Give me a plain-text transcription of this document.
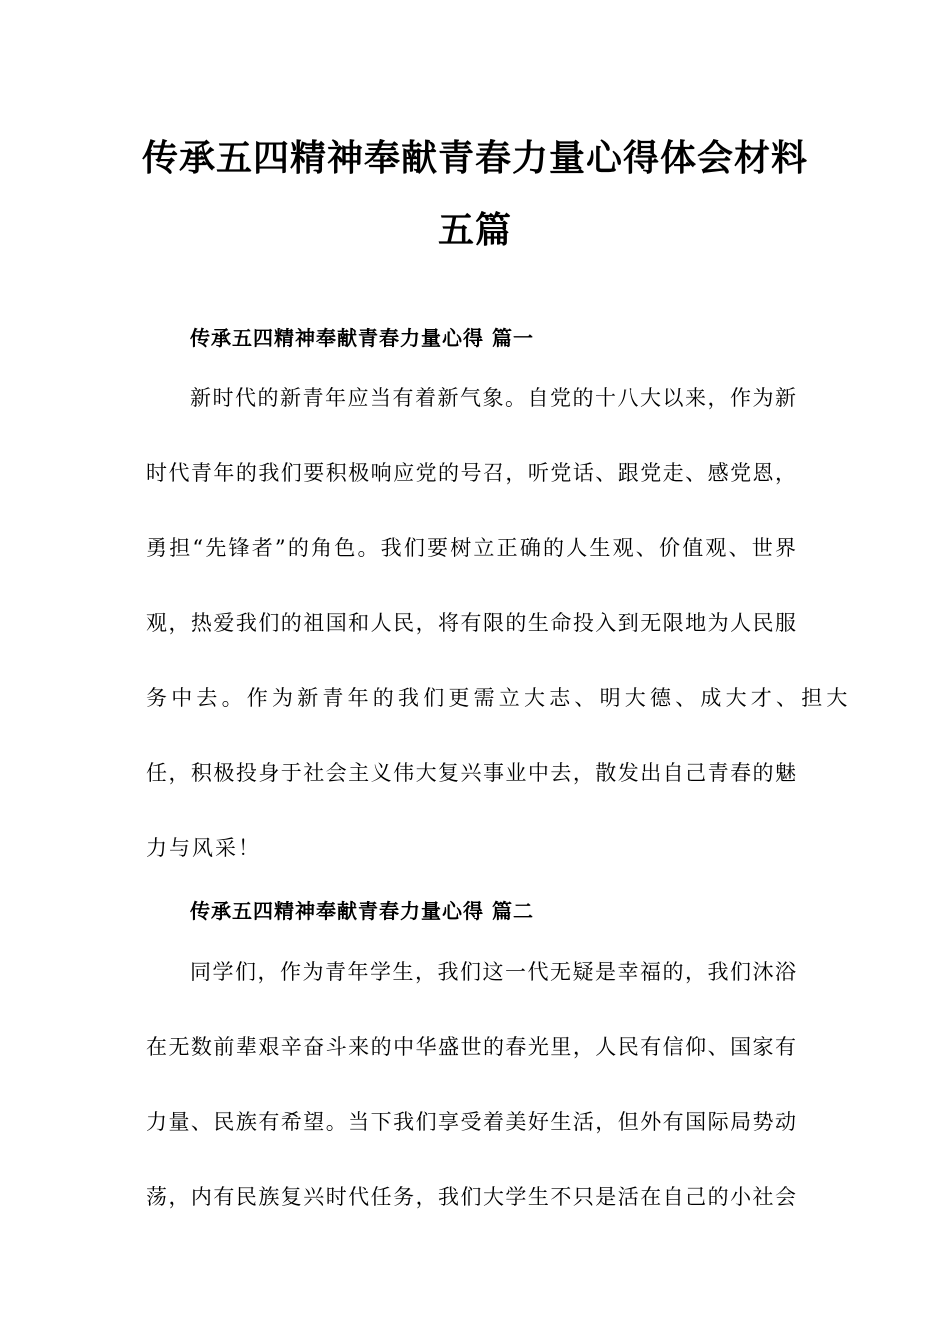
传承五四精神奉献青春力量心得体会材料
五篇
传承五四精神奉献青春力量心得 篇一
新时代的新青年应当有着新气象。自党的十八大以来，作为新
时代青年的我们要积极响应党的号召，听党话、跟党走、感党恩，
勇担“先锋者”的角色。我们要树立正确的人生观、价值观、世界
观，热爱我们的祖国和人民，将有限的生命投入到无限地为人民服
务中去。作为新青年的我们更需立大志、明大德、成大才、担大
任，积极投身于社会主义伟大复兴事业中去，散发出自己青春的魅
力与风采！
传承五四精神奉献青春力量心得 篇二
同学们，作为青年学生，我们这一代无疑是幸福的，我们沐浴
在无数前辈艰辛奋斗来的中华盛世的春光里，人民有信仰、国家有
力量、民族有希望。当下我们享受着美好生活，但外有国际局势动
荡，内有民族复兴时代任务，我们大学生不只是活在自己的小社会
